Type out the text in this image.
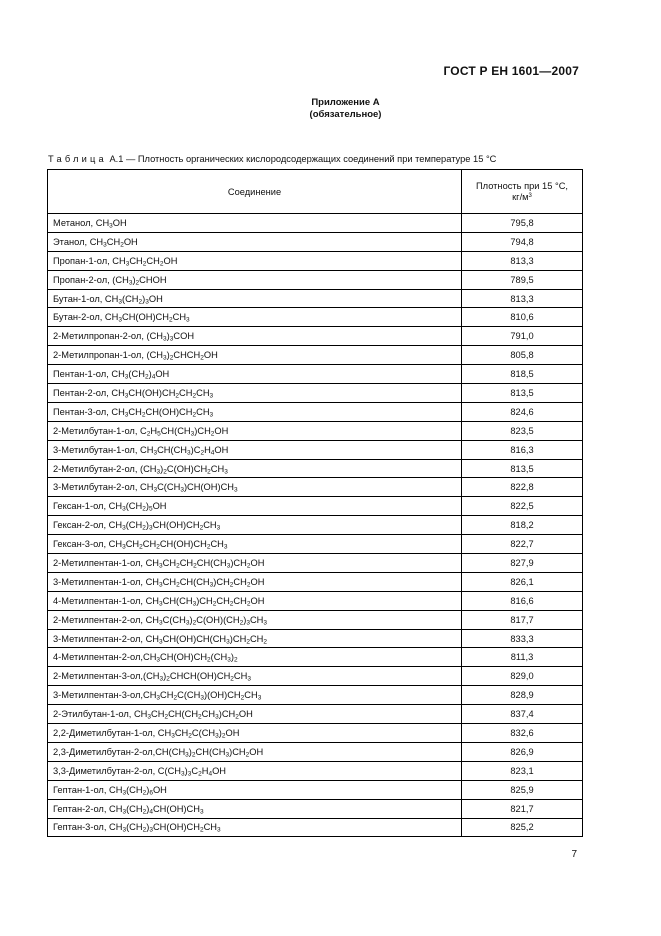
ГОСТ Р ЕН 1601—2007
Приложение А
(обязательное)
Таблица А.1 — Плотность органических кислородсодержащих соединений при температуре 15 °С
Соединение	Плотность при 15 °С,
$кг/м^3$
Метанол, $CH_3OH$	795,8
Этанол, $CH_3CH_2OH$	794,8
Пропан-1-ол, $CH_3CH_2CH_2OH$	813,3
Пропан-2-ол, $(CH_3)_2CHOH$	789,5
Бутан-1-ол, $CH_3(CH_2)_3OH$	813,3
Бутан-2-ол, $CH_3CH(OH)CH_2CH_3$	810,6
2-Метилпропан-2-ол, $(CH_3)_3COH$	791,0
2-Метилпропан-1-ол, $(CH_3)_2CHCH_2OH$	805,8
Пентан-1-ол, $CH_3(CH_2)_4OH$	818,5
Пентан-2-ол, $CH_3CH(OH)CH_2CH_2CH_3$	813,5
Пентан-3-ол, $CH_3CH_2CH(OH)CH_2CH_3$	824,6
2-Метилбутан-1-ол, $C_2H_5CH(CH_3)CH_2OH$	823,5
3-Метилбутан-1-ол, $CH_3CH(CH_3)C_2H_4OH$	816,3
2-Метилбутан-2-ол, $(CH_3)_2C(OH)CH_2CH_3$	813,5
3-Метилбутан-2-ол, $CH_3C(CH_3)CH(OH)CH_3$	822,8
Гексан-1-ол, $CH_3(CH_2)_5OH$	822,5
Гексан-2-ол, $CH_3(CH_2)_3CH(OH)CH_2CH_3$	818,2
Гексан-3-ол, $CH_3CH_2CH_2CH(OH)CH_2CH_3$	822,7
2-Метилпентан-1-ол, $CH_3CH_2CH_2CH(CH_3)CH_2OH$	827,9
3-Метилпентан-1-ол, $CH_3CH_2CH(CH_3)CH_2CH_2OH$	826,1
4-Метилпентан-1-ол, $CH_3CH(CH_3)CH_2CH_2CH_2OH$	816,6
2-Метилпентан-2-ол, $CH_3C(CH_3)_2C(OH)(CH_2)_3CH_3$	817,7
3-Метилпентан-2-ол, $CH_3CH(OH)CH(CH_3)CH_2CH_2$	833,3
$4-Метилпентан-2-ол,CH_3CH(OH)CH_2(CH_3)_2$	811,3
$2-Метилпентан-3-ол,(CH_3)_2CHCH(OH)CH_2CH_3$	829,0
$3-Метилпентан-3-ол,CH_3CH_2C(CH_3)(OH)CH_2CH_3$	828,9
2-Этилбутан-1-ол, $CH_3CH_2CH(CH_2CH_3)CH_2OH$	837,4
2,2-Диметилбутан-1-ол, $CH_3CH_2C(CH_3)_2OH$	832,6
$2,3-Диметилбутан-2-ол,CH(CH_3)_2CH(CH_3)CH_2OH$	826,9
3,3-Диметилбутан-2-ол, $C(CH_3)_3C_2H_4OH$	823,1
Гептан-1-ол, $CH_3(CH_2)_6OH$	825,9
Гептан-2-ол, $CH_3(CH_2)_4CH(OH)CH_3$	821,7
Гептан-3-ол, $CH_3(CH_2)_3CH(OH)CH_2CH_3$	825,2
7
